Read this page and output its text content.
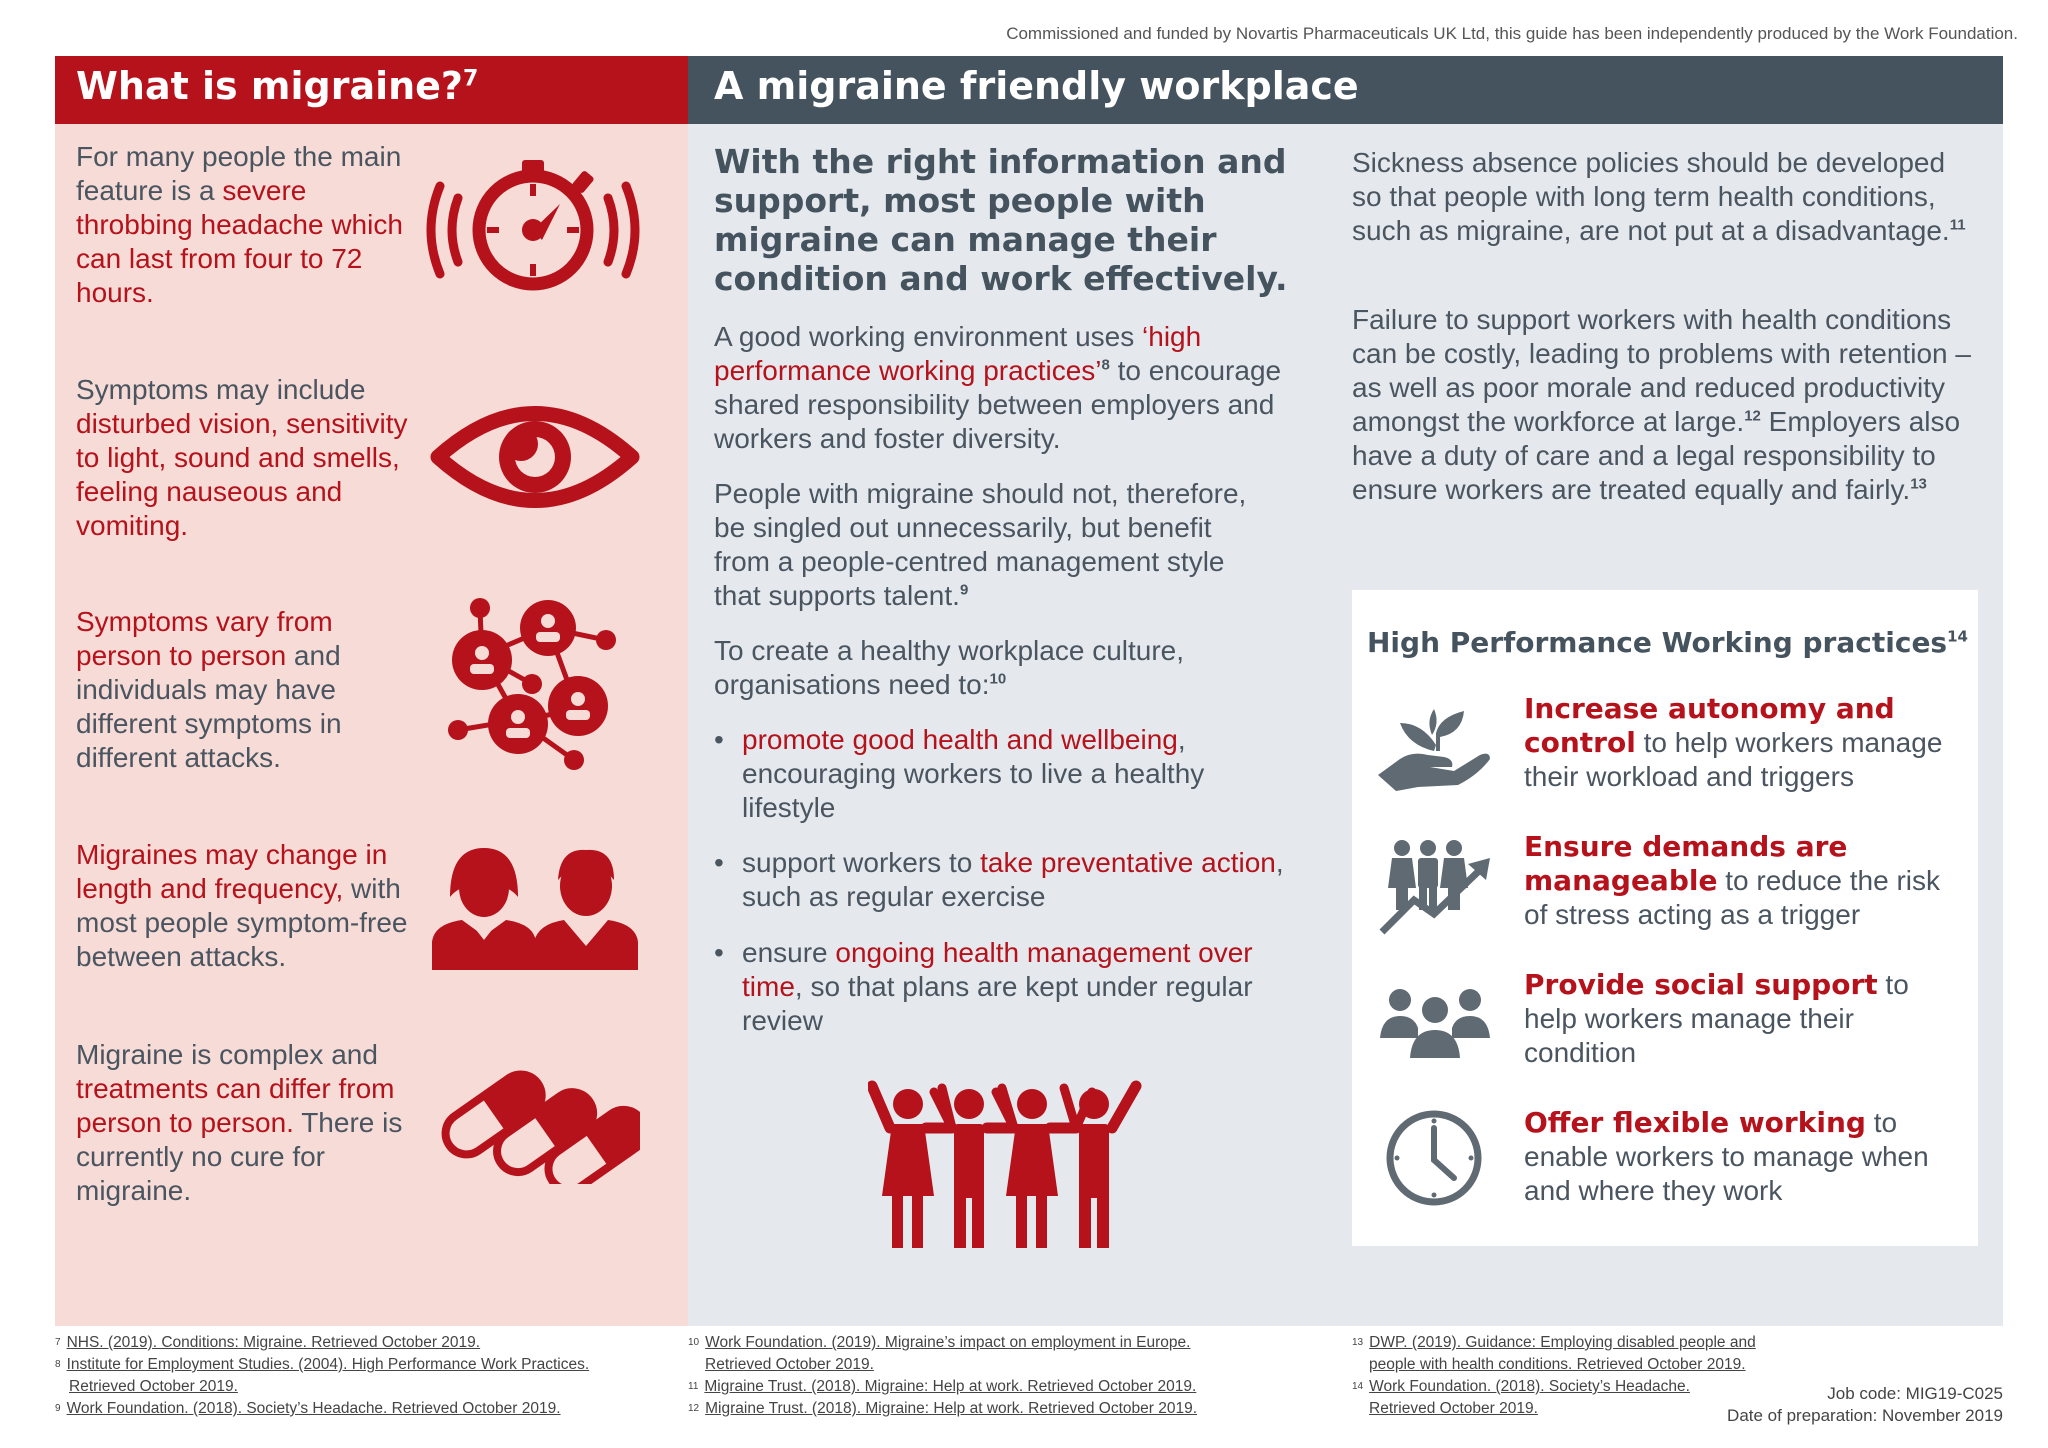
Commissioned and funded by Novartis Pharmaceuticals UK Ltd, this guide has been independently produced by the Work Foundation.
What is migraine?$^7$
For many people the main feature is a severe throbbing headache which can last from four to 72 hours.
Symptoms may include disturbed vision, sensitivity to light, sound and smells, feeling nauseous and vomiting.
Symptoms vary from person to person and individuals may have different symptoms in different attacks.
Migraines may change in length and frequency, with most people symptom-free between attacks.
Migraine is complex and treatments can differ from person to person. There is currently no cure for migraine.
A migraine friendly workplace
With the right information and support, most people with migraine can manage their condition and work effectively.
A good working environment uses ‘high performance working practices’$^8$ to encourage shared responsibility between employers and workers and foster diversity.
People with migraine should not, therefore, be singled out unnecessarily, but benefit from a people-centred management style that supports talent.$^9$
To create a healthy workplace culture, organisations need to:$^{10}$
• promote good health and wellbeing, encouraging workers to live a healthy lifestyle
• support workers to take preventative action, such as regular exercise
• ensure ongoing health management over time, so that plans are kept under regular review
Sickness absence policies should be developed so that people with long term health conditions, such as migraine, are not put at a disadvantage.$^{11}$
Failure to support workers with health conditions can be costly, leading to problems with retention – as well as poor morale and reduced productivity amongst the workforce at large.$^{12}$ Employers also have a duty of care and a legal responsibility to ensure workers are treated equally and fairly.$^{13}$
High Performance Working practices$^{14}$
Increase autonomy and control to help workers manage their workload and triggers
Ensure demands are manageable to reduce the risk of stress acting as a trigger
Provide social support to help workers manage their condition
Offer flexible working to enable workers to manage when and where they work
$^7$ NHS. (2019). Conditions: Migraine. Retrieved October 2019.
$^8$ Institute for Employment Studies. (2004). High Performance Work Practices.
Retrieved October 2019.
$^9$ Work Foundation. (2018). Society’s Headache. Retrieved October 2019.
$^{10}$ Work Foundation. (2019). Migraine’s impact on employment in Europe.
Retrieved October 2019.
$^{11}$ Migraine Trust. (2018). Migraine: Help at work. Retrieved October 2019.
$^{12}$ Migraine Trust. (2018). Migraine: Help at work. Retrieved October 2019.
$^{13}$ DWP. (2019). Guidance: Employing disabled people and
people with health conditions. Retrieved October 2019.
$^{14}$ Work Foundation. (2018). Society’s Headache.
Retrieved October 2019.
Job code: MIG19-C025
Date of preparation: November 2019
